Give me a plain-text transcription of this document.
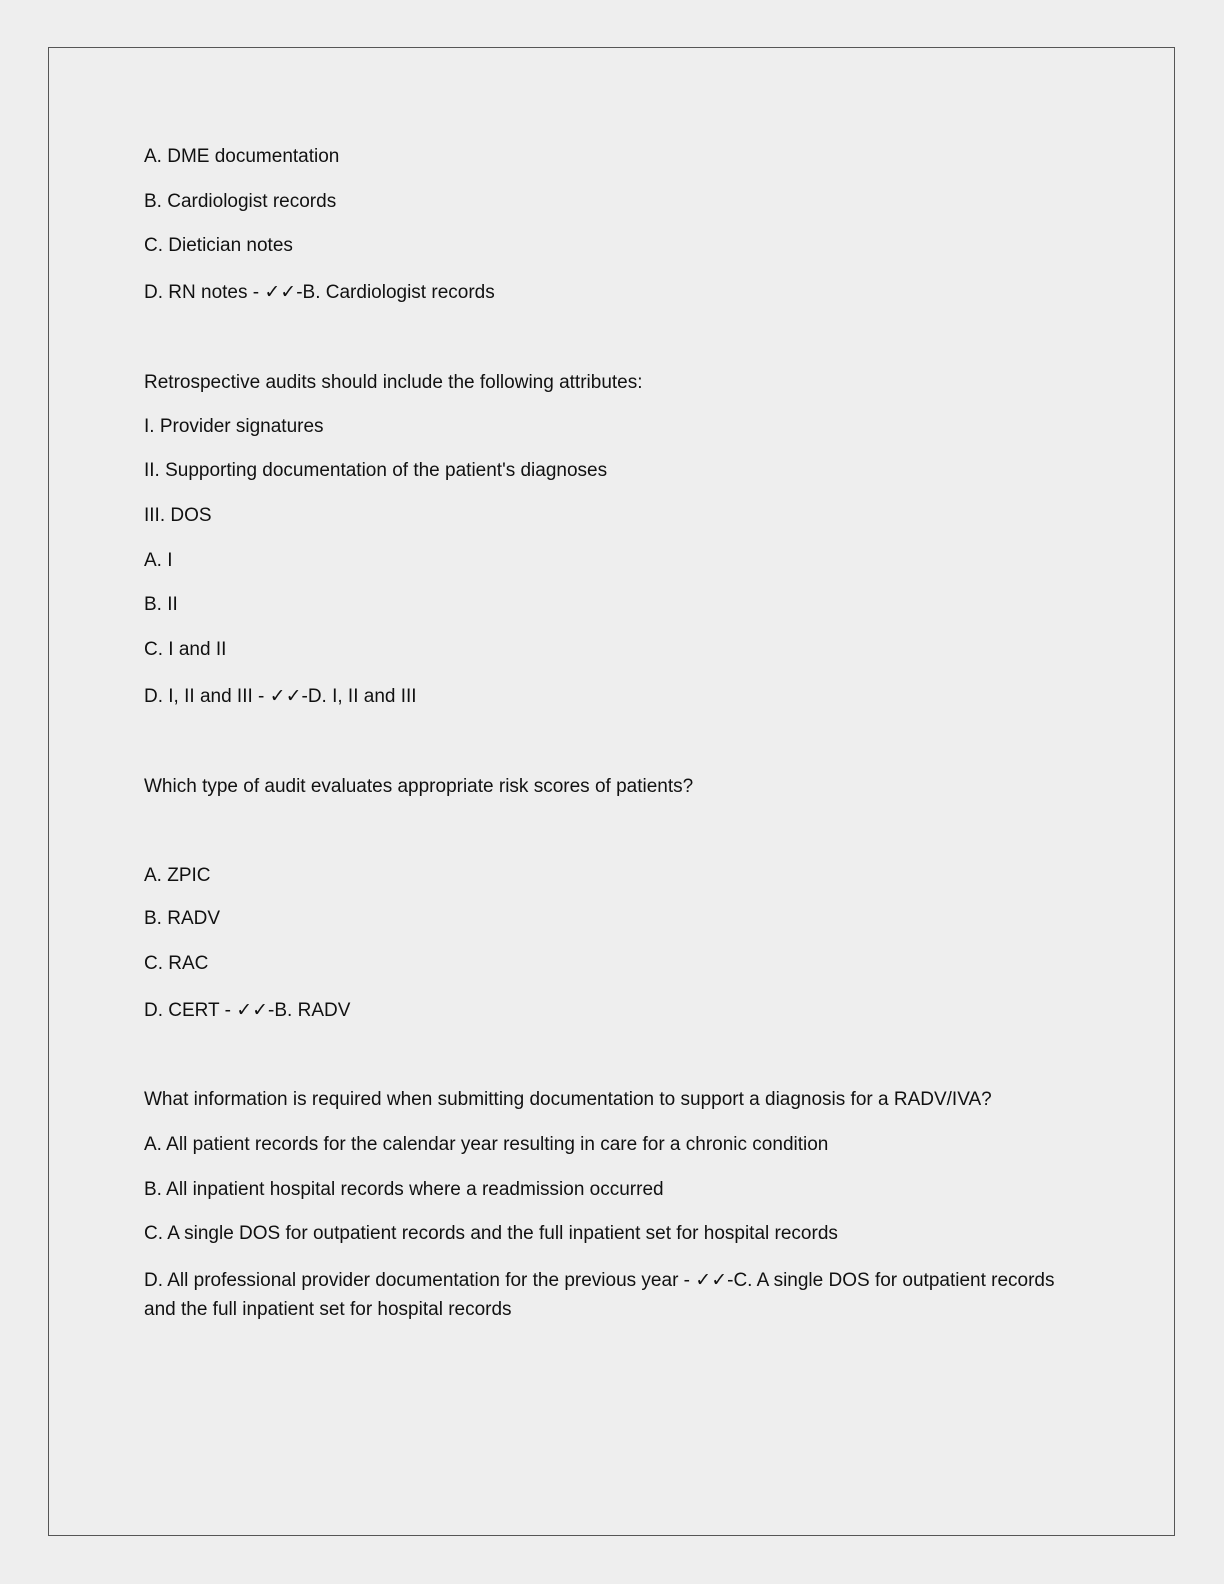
A. DME documentation
B. Cardiologist records
C. Dietician notes
D. RN notes - ✓✓-B. Cardiologist records
Retrospective audits should include the following attributes:
I. Provider signatures
II. Supporting documentation of the patient's diagnoses
III. DOS
A. I
B. II
C. I and II
D. I, II and III - ✓✓-D. I, II and III
Which type of audit evaluates appropriate risk scores of patients?
A. ZPIC
B. RADV
C. RAC
D. CERT - ✓✓-B. RADV
What information is required when submitting documentation to support a diagnosis for a RADV/IVA?
A. All patient records for the calendar year resulting in care for a chronic condition
B. All inpatient hospital records where a readmission occurred
C. A single DOS for outpatient records and the full inpatient set for hospital records
D. All professional provider documentation for the previous year - ✓✓-C. A single DOS for outpatient records and the full inpatient set for hospital records
